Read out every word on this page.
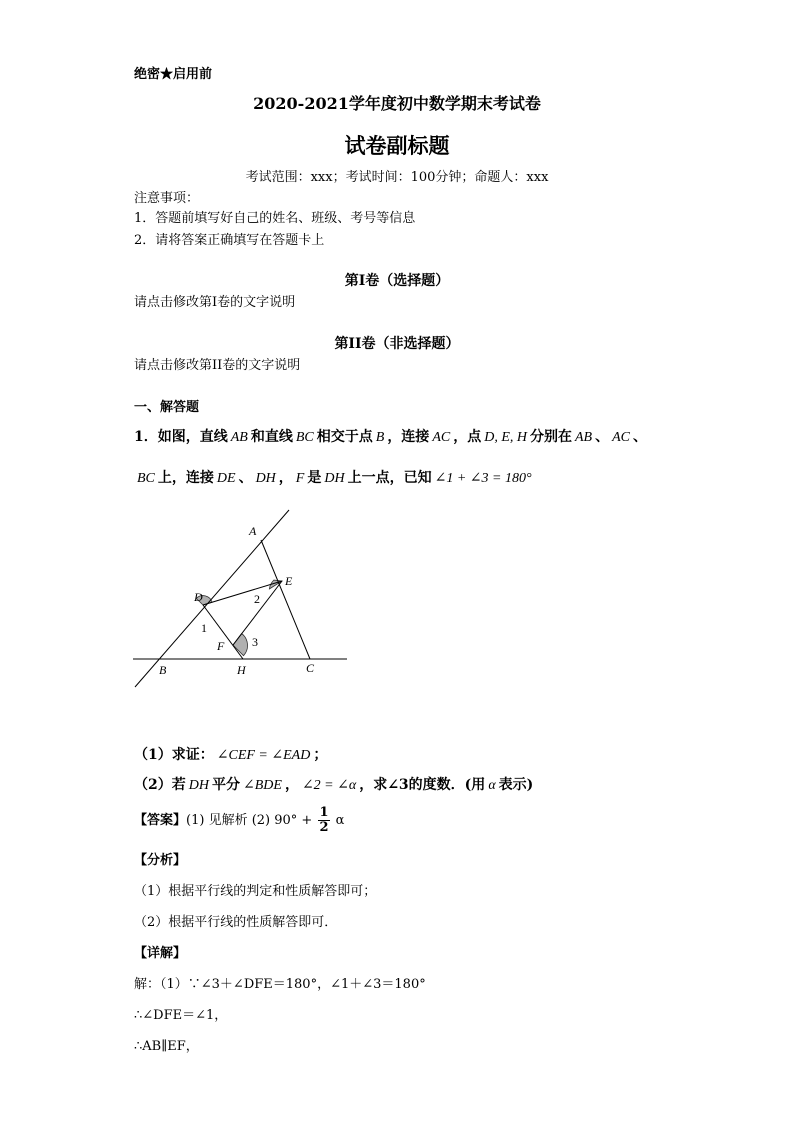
绝密★启用前
2020-2021学年度初中数学期末考试卷
试卷副标题
考试范围：xxx；考试时间：100分钟；命题人：xxx
注意事项：
1．答题前填写好自己的姓名、班级、考号等信息
2．请将答案正确填写在答题卡上
第I卷（选择题）
请点击修改第I卷的文字说明
第II卷（非选择题）
请点击修改第II卷的文字说明
一、解答题
1．如图，直线 AB 和直线 BC 相交于点 B ，连接 AC ，点 D, E, H 分别在 AB 、 AC 、
BC 上，连接 DE 、 DH ， F 是 DH 上一点，已知 ∠1 + ∠3 = 180°
A
D
E
F
B	H	C
1
2
3
（1）求证： ∠CEF = ∠EAD ；
（2）若 DH 平分 ∠BDE ， ∠2 = ∠α ，求∠3的度数．(用 α 表示)
【答案】(1) 见解析 (2) $90^\circ + \frac{1}{2}$ α
【分析】
（1）根据平行线的判定和性质解答即可；
（2）根据平行线的性质解答即可．
【详解】
解：（1）∵∠3＋∠DFE＝180°，∠1＋∠3＝180°
∴∠DFE＝∠1，
∴AB∥EF，
